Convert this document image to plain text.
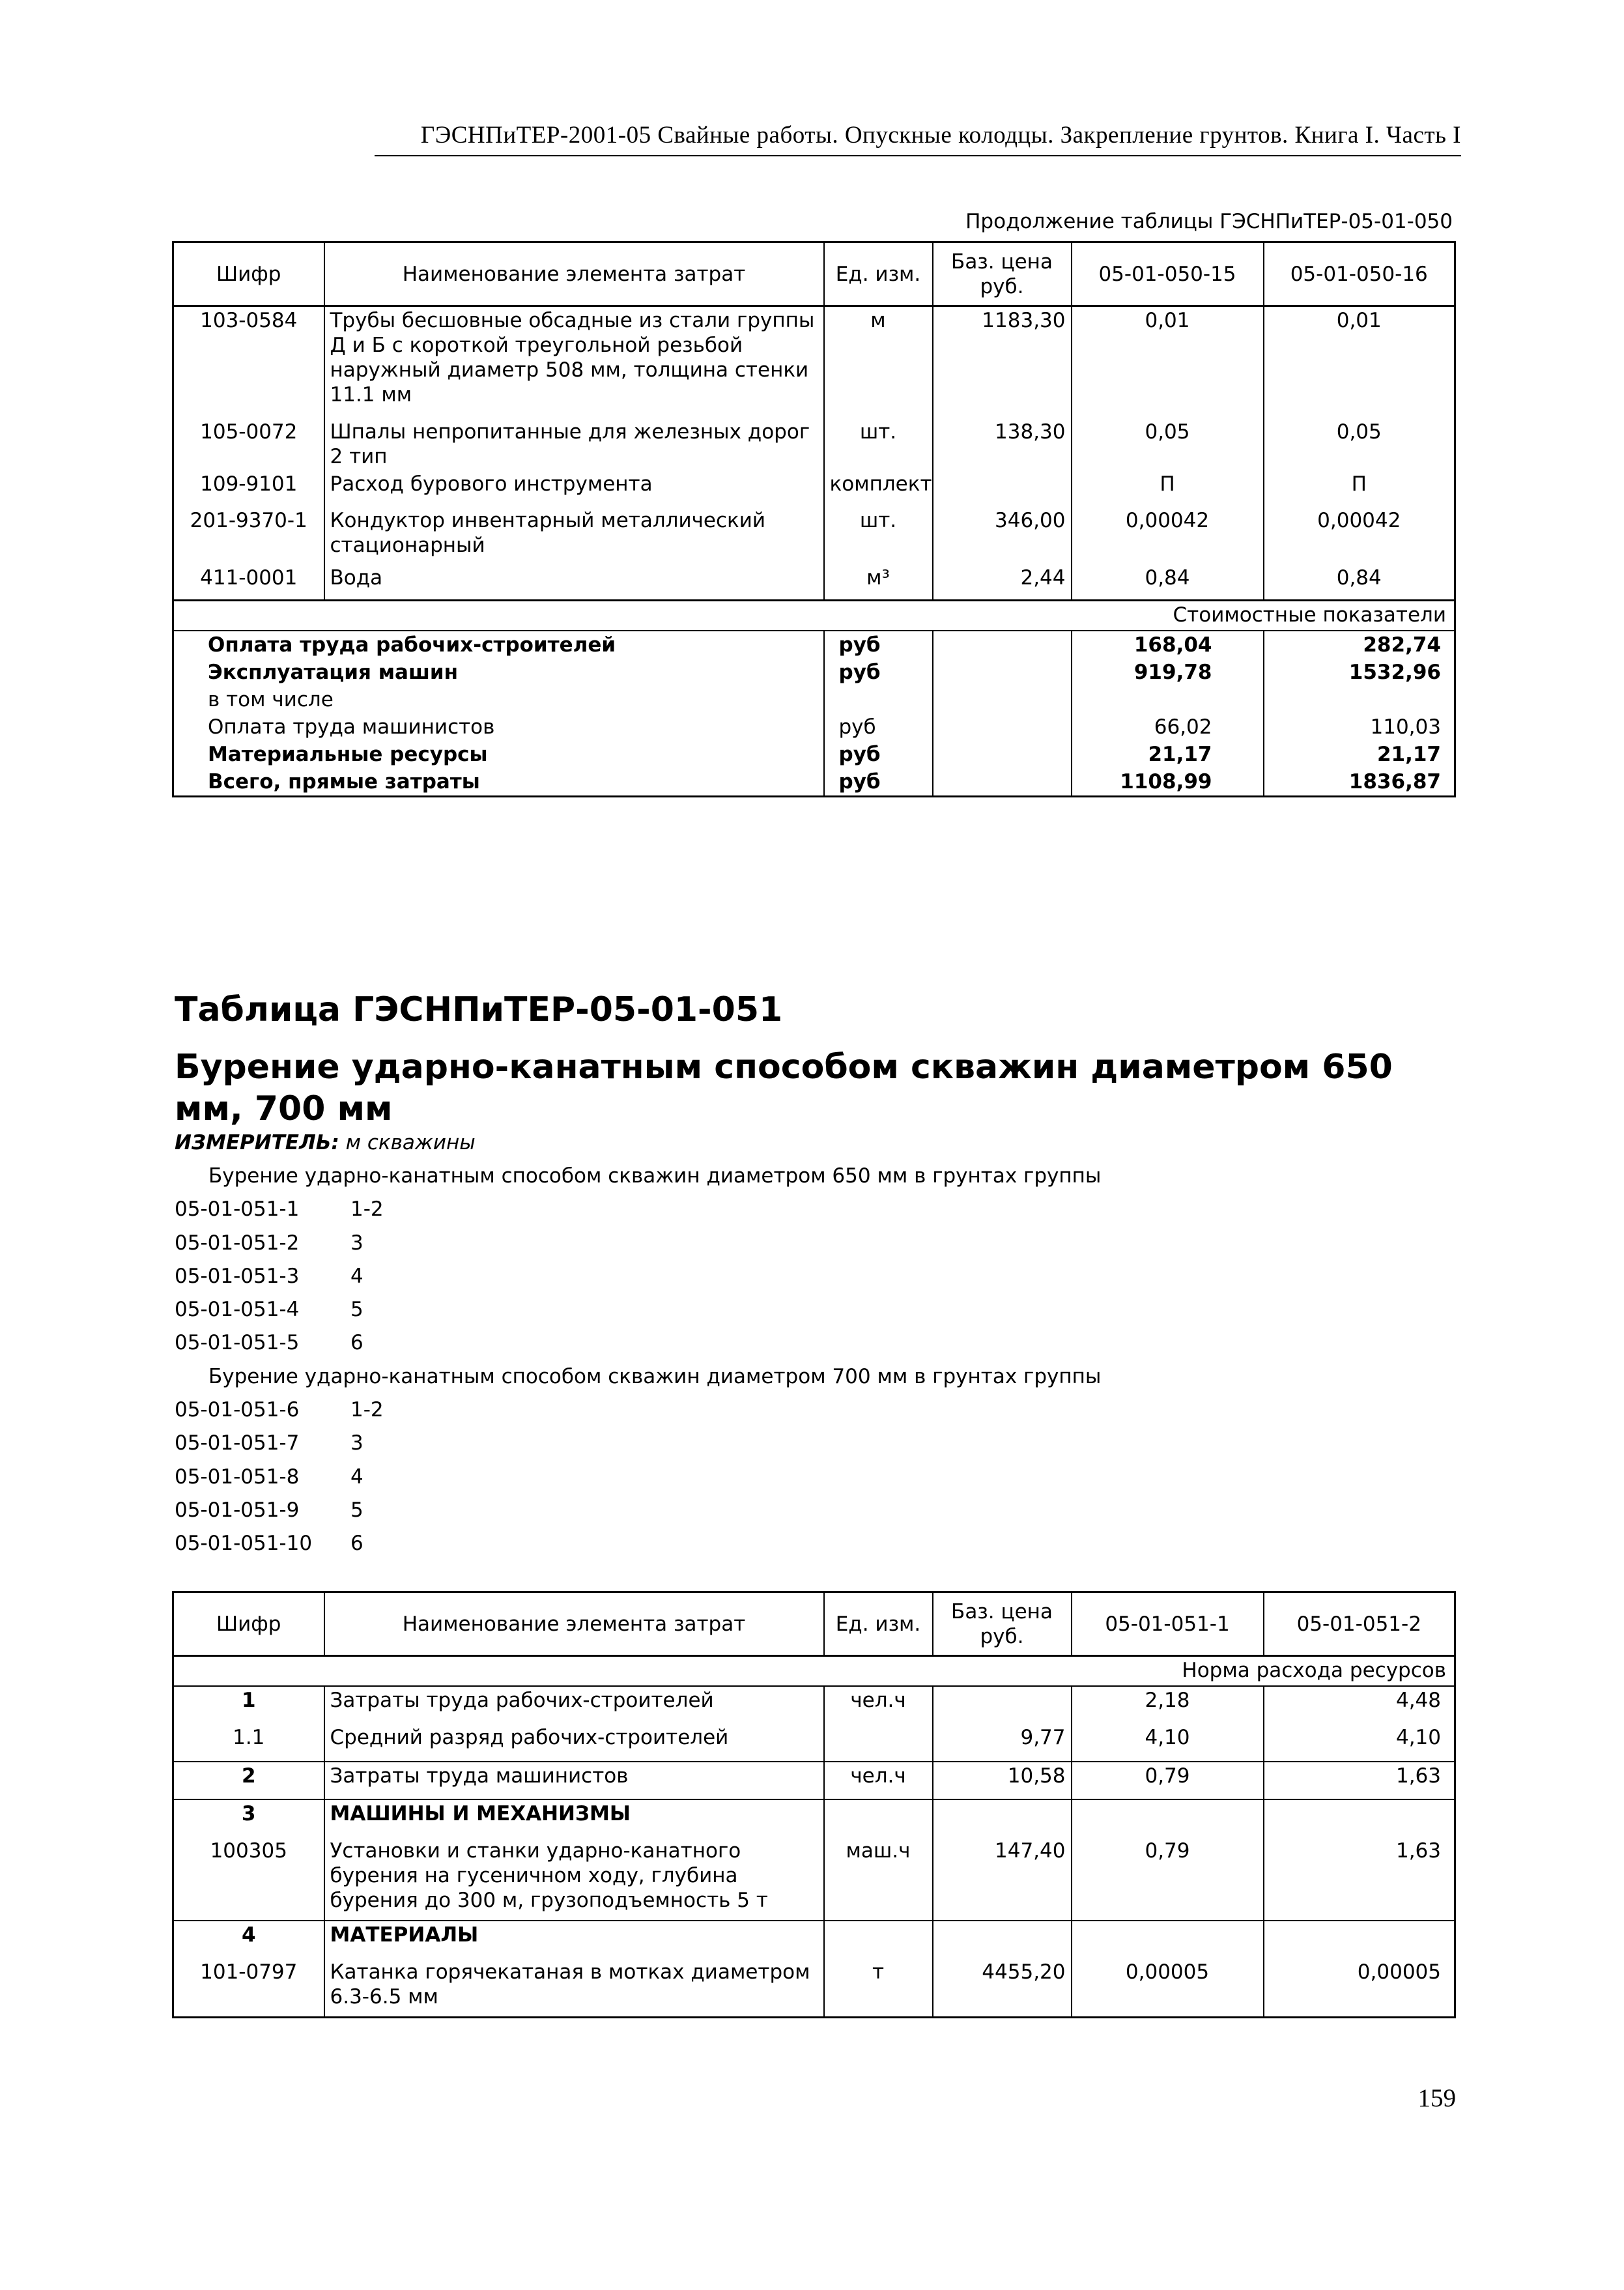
ГЭСНПиТЕР-2001-05 Свайные работы. Опускные колодцы. Закрепление грунтов. Книга I. Часть I
Продолжение таблицы ГЭСНПиТЕР-05-01-050
Шифр	Наименование элемента затрат	Ед. изм.	Баз. цена руб.	05-01-050-15	05-01-050-16
103-0584	Трубы бесшовные обсадные из стали группы Д и Б с короткой треугольной резьбой наружный диаметр 508 мм, толщина стенки 11.1 мм	м	1183,30	0,01	0,01
105-0072	Шпалы непропитанные для железных дорог 2 тип	шт.	138,30	0,05	0,05
109-9101	Расход бурового инструмента	комплект		П	П
201-9370-1	Кондуктор инвентарный металлический стационарный	шт.	346,00	0,00042	0,00042
411-0001	Вода	м³	2,44	0,84	0,84
Стоимостные показатели					
Оплата труда рабочих-строителей		руб		168,04	282,74
Эксплуатация машин		руб		919,78	1532,96
в том числе					
Оплата труда машинистов		руб		66,02	110,03
Материальные ресурсы		руб		21,17	21,17
Всего, прямые затраты		руб		1108,99	1836,87
Таблица ГЭСНПиТЕР-05-01-051
Бурение ударно-канатным способом скважин диаметром 650 мм, 700 мм
ИЗМЕРИТЕЛЬ: м скважины
Бурение ударно-канатным способом скважин диаметром 650 мм в грунтах группы
05-01-051-1	1-2
05-01-051-2	3
05-01-051-3	4
05-01-051-4	5
05-01-051-5	6
Бурение ударно-канатным способом скважин диаметром 700 мм в грунтах группы
05-01-051-6	1-2
05-01-051-7	3
05-01-051-8	4
05-01-051-9	5
05-01-051-10 6
Шифр	Наименование элемента затрат	Ед. изм.	Баз. цена руб.	05-01-051-1	05-01-051-2
Норма расхода ресурсов					
1	Затраты труда рабочих-строителей	чел.ч		2,18	4,48
1.1	Средний разряд рабочих-строителей		9,77	4,10	4,10
2	Затраты труда машинистов	чел.ч	10,58	0,79	1,63
3	МАШИНЫ И МЕХАНИЗМЫ				
100305	Установки и станки ударно-канатного бурения на гусеничном ходу, глубина бурения до 300 м, грузоподъемность 5 т	маш.ч	147,40	0,79	1,63
4	МАТЕРИАЛЫ				
101-0797	Катанка горячекатаная в мотках диаметром 6.3-6.5 мм	т	4455,20	0,00005	0,00005
159
